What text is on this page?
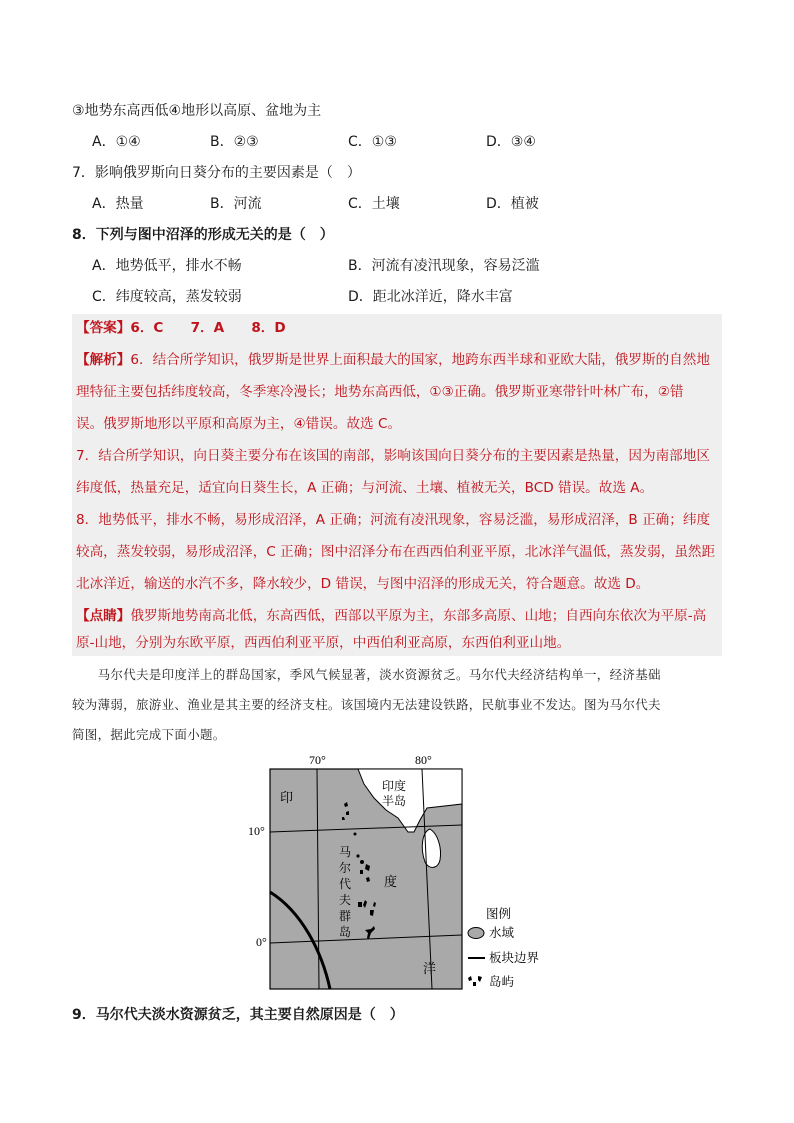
③地势东高西低④地形以高原、盆地为主
A．①④	B．②③	C．①③	D．③④
7．影响俄罗斯向日葵分布的主要因素是（　）
A．热量	B．河流	C．土壤	D．植被
8．下列与图中沼泽的形成无关的是（　）
A．地势低平，排水不畅	B．河流有凌汛现象，容易泛滥
C．纬度较高，蒸发较弱	D．距北冰洋近，降水丰富
【答案】6．C　　7．A　　8．D
【解析】6．结合所学知识，俄罗斯是世界上面积最大的国家，地跨东西半球和亚欧大陆，俄罗斯的自然地
理特征主要包括纬度较高，冬季寒冷漫长；地势东高西低，①③正确。俄罗斯亚寒带针叶林广布，②错
误。俄罗斯地形以平原和高原为主，④错误。故选 C。
7．结合所学知识，向日葵主要分布在该国的南部，影响该国向日葵分布的主要因素是热量，因为南部地区
纬度低，热量充足，适宜向日葵生长，A 正确；与河流、土壤、植被无关，BCD 错误。故选 A。
8．地势低平，排水不畅，易形成沼泽，A 正确；河流有凌汛现象，容易泛滥，易形成沼泽，B 正确；纬度
较高，蒸发较弱，易形成沼泽，C 正确；图中沼泽分布在西西伯利亚平原，北冰洋气温低，蒸发弱，虽然距
北冰洋近，输送的水汽不多，降水较少，D 错误，与图中沼泽的形成无关，符合题意。故选 D。
【点睛】俄罗斯地势南高北低，东高西低，西部以平原为主，东部多高原、山地；自西向东依次为平原-高
原-山地，分别为东欧平原，西西伯利亚平原，中西伯利亚高原，东西伯利亚山地。
　　马尔代夫是印度洋上的群岛国家，季风气候显著，淡水资源贫乏。马尔代夫经济结构单一，经济基础
较为薄弱，旅游业、渔业是其主要的经济支柱。该国境内无法建设铁路，民航事业不发达。图为马尔代夫
简图，据此完成下面小题。
70°	80°
10°
0°
印
度
洋
印度
半岛
马
尔
代
夫
群
岛
图例
水域
板块边界
岛屿
9．马尔代夫淡水资源贫乏，其主要自然原因是（　）
